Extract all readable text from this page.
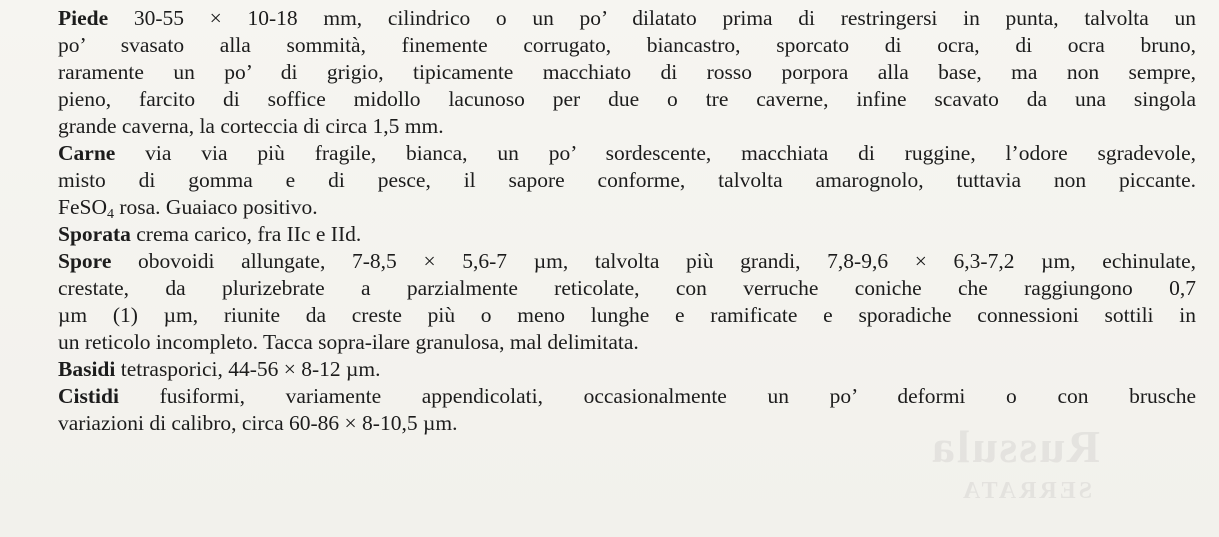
Russula
SERRATA
Piede 30-55 × 10-18 mm, cilindrico o un po’ dilatato prima di restringersi in punta, talvolta un
po’ svasato alla sommità, finemente corrugato, biancastro, sporcato di ocra, di ocra bruno,
raramente un po’ di grigio, tipicamente macchiato di rosso porpora alla base, ma non sempre,
pieno, farcito di soffice midollo lacunoso per due o tre caverne, infine scavato da una singola
grande caverna, la corteccia di circa 1,5 mm.
Carne via via più fragile, bianca, un po’ sordescente, macchiata di ruggine, l’odore sgradevole,
misto di gomma e di pesce, il sapore conforme, talvolta amarognolo, tuttavia non piccante.
FeSO$_4$ rosa. Guaiaco positivo.
Sporata crema carico, fra IIc e IId.
Spore obovoidi allungate, 7-8,5 × 5,6-7 µm, talvolta più grandi, 7,8-9,6 × 6,3-7,2 µm, echinulate,
crestate, da plurizebrate a parzialmente reticolate, con verruche coniche che raggiungono 0,7
µm (1) µm, riunite da creste più o meno lunghe e ramificate e sporadiche connessioni sottili in
un reticolo incompleto. Tacca sopra-ilare granulosa, mal delimitata.
Basidi tetrasporici, 44-56 × 8-12 µm.
Cistidi fusiformi, variamente appendicolati, occasionalmente un po’ deformi o con brusche
variazioni di calibro, circa 60-86 × 8-10,5 µm.
